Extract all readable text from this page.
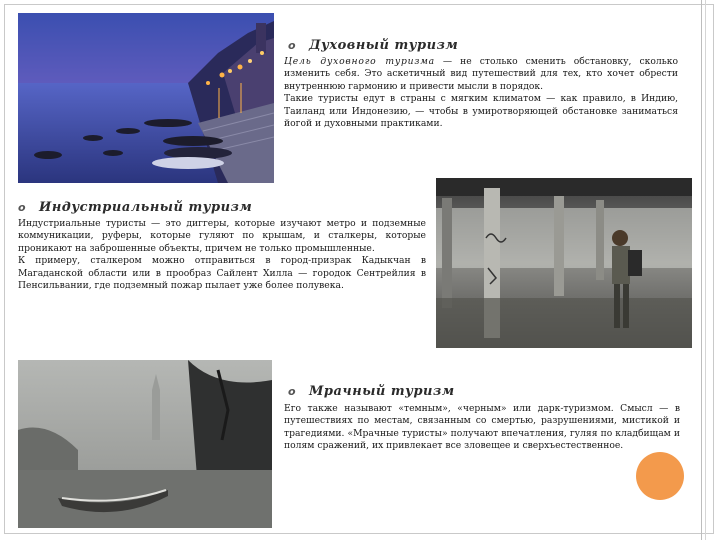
o Духовный туризм

Цель духовного туризма — не столько сменить обстановку, сколько изменить себя. Это аскетичный вид путешествий для тех, кто хочет обрести внутреннюю гармонию и привести мысли в порядок.

Такие туристы едут в страны с мягким климатом — как правило, в Индию, Таиланд или Индонезию, — чтобы в умиротворяющей обстановке заниматься йогой и духовными практиками.

o Индустриальный туризм

Индустриальные туристы — это диггеры, которые изучают метро и подземные коммуникации, руферы, которые гуляют по крышам, и сталкеры, которые проникают на заброшенные объекты, причем не только промышленные.

К примеру, сталкером можно отправиться в город-призрак Кадыкчан в Магаданской области или в прообраз Сайлент Хилла — городок Сентрейлия в Пенсильвании, где подземный пожар пылает уже более полувека.

o Мрачный туризм

Его также называют «темным», «черным» или дарк-туризмом. Смысл — в путешествиях по местам, связанным со смертью, разрушениями, мистикой и трагедиями. «Мрачные туристы» получают впечатления, гуляя по кладбищам и полям сражений, их привлекает все зловещее и сверхъестественное.
